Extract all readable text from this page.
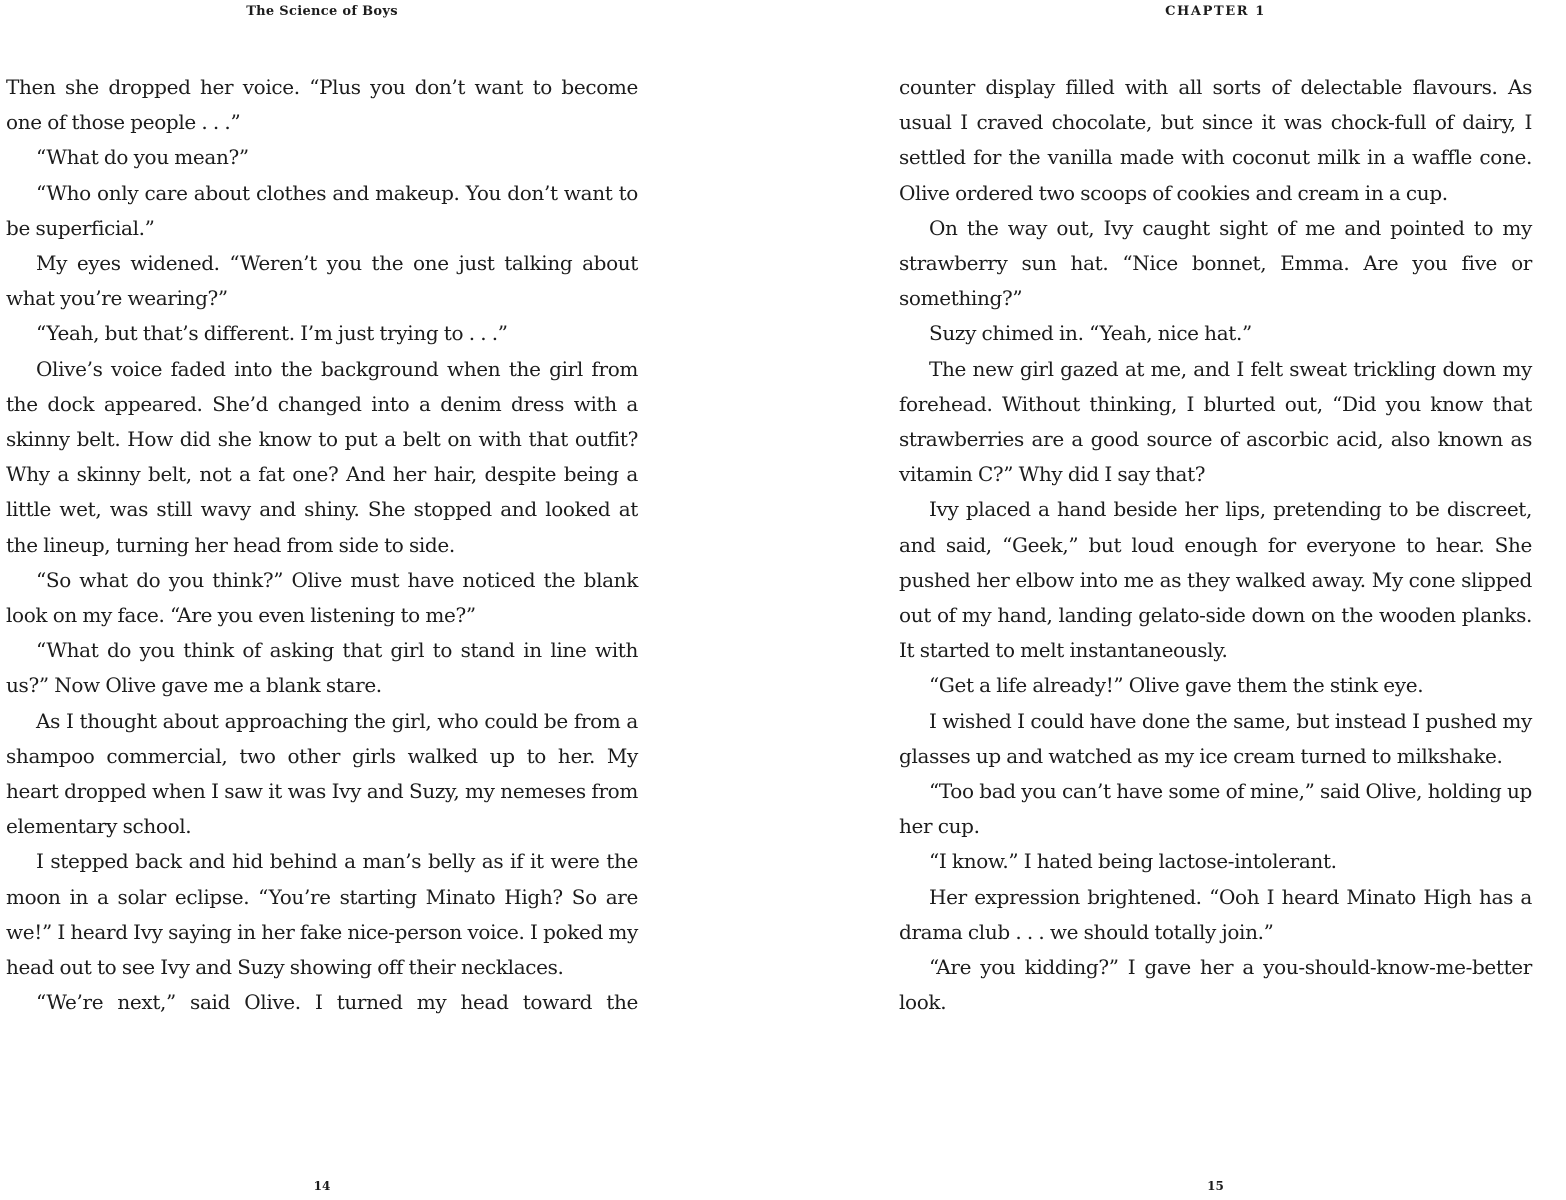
The Science of Boys

Then she dropped her voice. “Plus you don’t want to become one of those people . . .”

“What do you mean?”

“Who only care about clothes and makeup. You don’t want to be superficial.”

My eyes widened. “Weren’t you the one just talking about what you’re wearing?”

“Yeah, but that’s different. I’m just trying to . . .”

Olive’s voice faded into the background when the girl from the dock appeared. She’d changed into a denim dress with a skinny belt. How did she know to put a belt on with that outfit? Why a skinny belt, not a fat one? And her hair, despite being a little wet, was still wavy and shiny. She stopped and looked at the lineup, turning her head from side to side.

“So what do you think?” Olive must have noticed the blank look on my face. “Are you even listening to me?”

“What do you think of asking that girl to stand in line with us?” Now Olive gave me a blank stare.

As I thought about approaching the girl, who could be from a shampoo commercial, two other girls walked up to her. My heart dropped when I saw it was Ivy and Suzy, my nemeses from elementary school.

I stepped back and hid behind a man’s belly as if it were the moon in a solar eclipse. “You’re starting Minato High? So are we!” I heard Ivy saying in her fake nice-person voice. I poked my head out to see Ivy and Suzy showing off their necklaces.

“We’re next,” said Olive. I turned my head toward the

14
CHAPTER 1

counter display filled with all sorts of delectable flavours. As usual I craved chocolate, but since it was chock-full of dairy, I settled for the vanilla made with coconut milk in a waffle cone. Olive ordered two scoops of cookies and cream in a cup.

On the way out, Ivy caught sight of me and pointed to my strawberry sun hat. “Nice bonnet, Emma. Are you five or something?”

Suzy chimed in. “Yeah, nice hat.”

The new girl gazed at me, and I felt sweat trickling down my forehead. Without thinking, I blurted out, “Did you know that strawberries are a good source of ascorbic acid, also known as vitamin C?” Why did I say that?

Ivy placed a hand beside her lips, pretending to be discreet, and said, “Geek,” but loud enough for everyone to hear. She pushed her elbow into me as they walked away. My cone slipped out of my hand, landing gelato-side down on the wooden planks. It started to melt instantaneously.

“Get a life already!” Olive gave them the stink eye.

I wished I could have done the same, but instead I pushed my glasses up and watched as my ice cream turned to milkshake.

“Too bad you can’t have some of mine,” said Olive, holding up her cup.

“I know.” I hated being lactose-intolerant.

Her expression brightened. “Ooh I heard Minato High has a drama club . . . we should totally join.”

“Are you kidding?” I gave her a you-should-know-me-better look.

15
